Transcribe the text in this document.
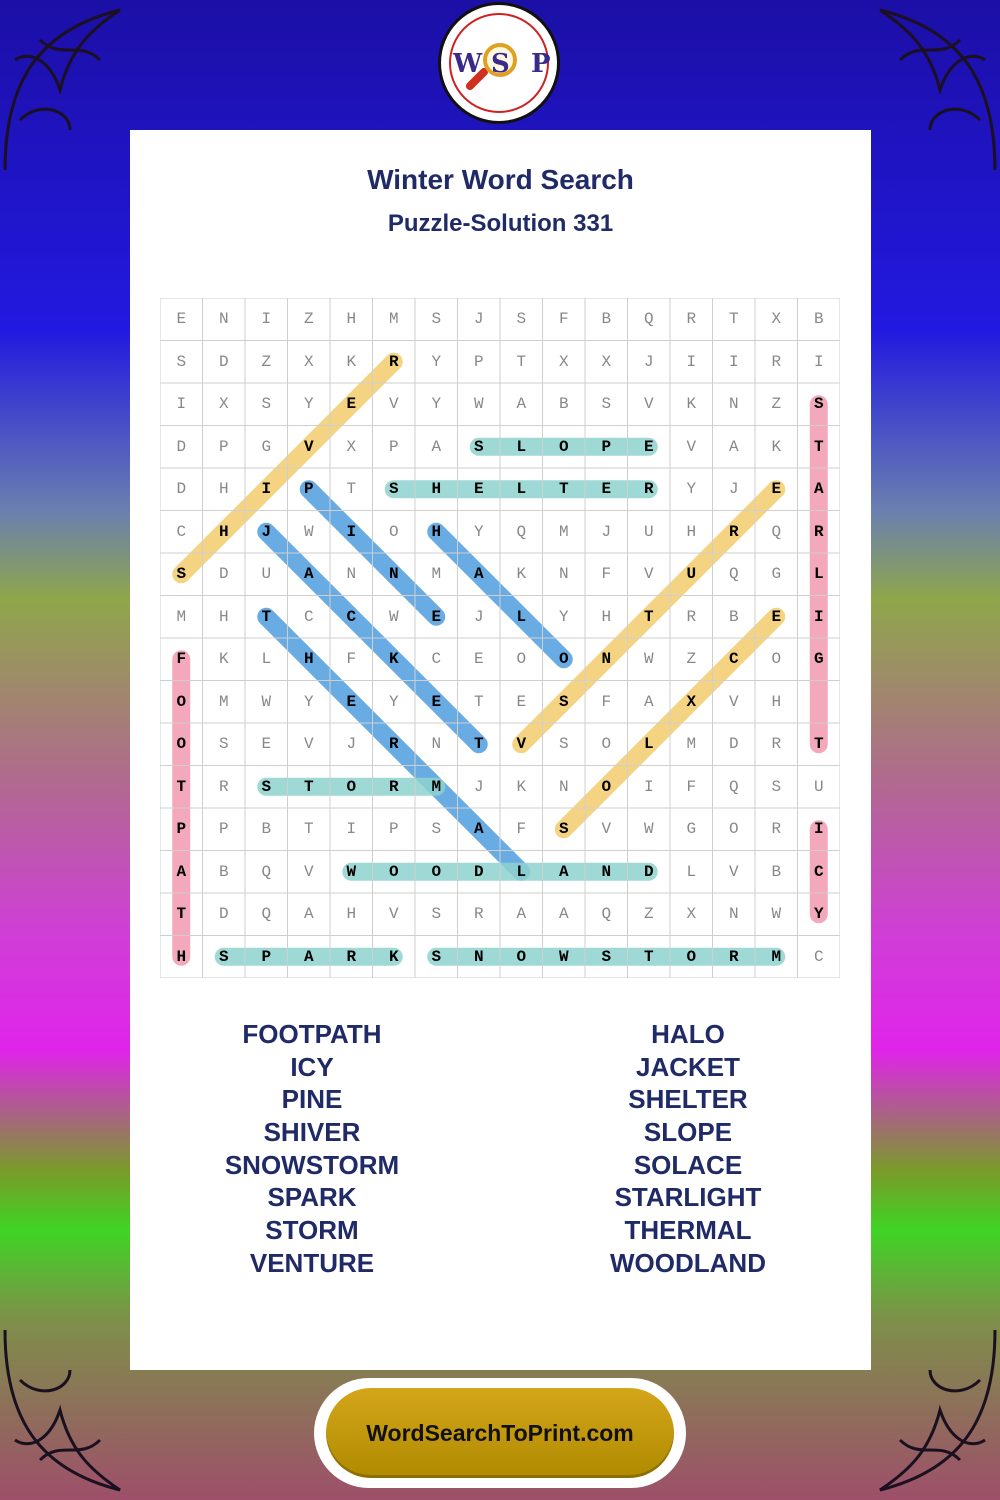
W S P
Winter Word Search
Puzzle-Solution 331
E	N	I	Z	H	M	S	J	S	F	B	Q	R	T	X	B
S	D	Z	X	K	R	Y	P	T	X	X	J	I	I	R	I
I	X	S	Y	E	V	Y	W	A	B	S	V	K	N	Z	S
D	P	G	V	X	P	A	S	L	O	P	E	V	A	K	T
D	H	I	P	T	S	H	E	L	T	E	R	Y	J	E	A
C	H	J	W	I	O	H	Y	Q	M	J	U	H	R	Q	R
S	D	U	A	N	N	M	A	K	N	F	V	U	Q	G	L
M	H	T	C	C	W	E	J	L	Y	H	T	R	B	E	I
F	K	L	H	F	K	C	E	O	O	N	W	Z	C	O	G
O	M	W	Y	E	Y	E	T	E	S	F	A	X	V	H
O	S	E	V	J	R	N	T	V	S	O	L	M	D	R	T
T	R	S	T	O	R	M	J	K	N	O	I	F	Q	S	U
P	P	B	T	I	P	S	A	F	S	V	W	G	O	R	I
A	B	Q	V	W	O	O	D	L	A	N	D	L	V	B	C
T	D	Q	A	H	V	S	R	A	A	Q	Z	X	N	W	Y
H	S	P	A	R	K	S	N	O	W	S	T	O	R	M	C
FOOTPATH
ICY
PINE
SHIVER
SNOWSTORM
SPARK
STORM
VENTURE
HALO
JACKET
SHELTER
SLOPE
SOLACE
STARLIGHT
THERMAL
WOODLAND
WordSearchToPrint.com
